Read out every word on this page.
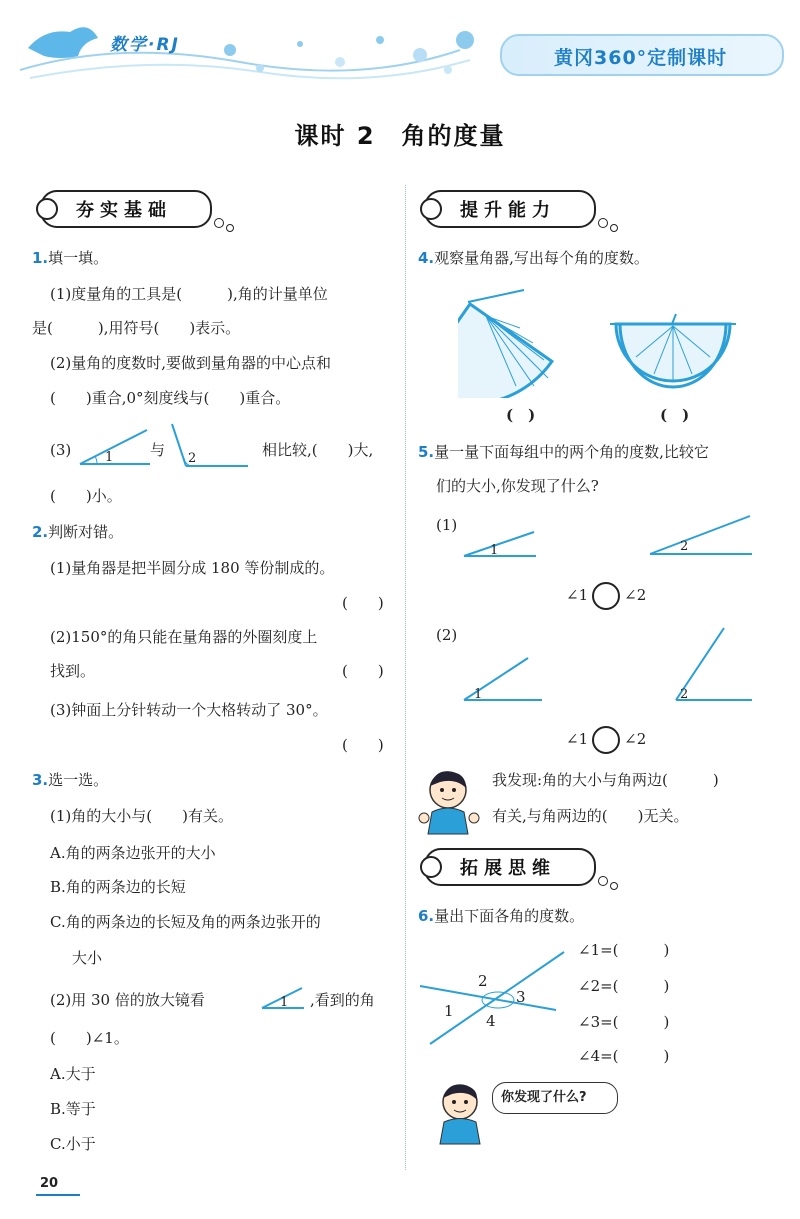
数学·RJ
黄冈360°定制课时
课时 2　角的度量
夯实基础
1.填一填。
(1)度量角的工具是(　　　),角的计量单位
是(　　　),用符号(　　)表示。
(2)量角的度数时,要做到量角器的中心点和
(　　)重合,0°刻度线与(　　)重合。
(3)	1 与 2	相比较,(　　)大,
(　　)小。
2.判断对错。
(1)量角器是把半圆分成 180 等份制成的。
(　　)
(2)150°的角只能在量角器的外圈刻度上
找到。	(　　)
(3)钟面上分针转动一个大格转动了 30°。
(　　)
3.选一选。
(1)角的大小与(　　)有关。
A.角的两条边张开的大小
B.角的两条边的长短
C.角的两条边的长短及角的两条边张开的
大小
(2)用 30 倍的放大镜看	1 ,看到的角
(　　)∠1。
A.大于
B.等于
C.小于
提升能力
4.观察量角器,写出每个角的度数。
(　)	(　)
5.量一量下面每组中的两个角的度数,比较它
们的大小,你发现了什么?
(1)
1	2
∠1 ∠2
(2)
1	2
∠1 ∠2
我发现:角的大小与角两边(　　　)
有关,与角两边的(　　)无关。
拓展思维
6.量出下面各角的度数。
1
2
3
4
∠1=(　　　)
∠2=(　　　)
∠3=(　　　)
∠4=(　　　)
你发现了什么?
20
